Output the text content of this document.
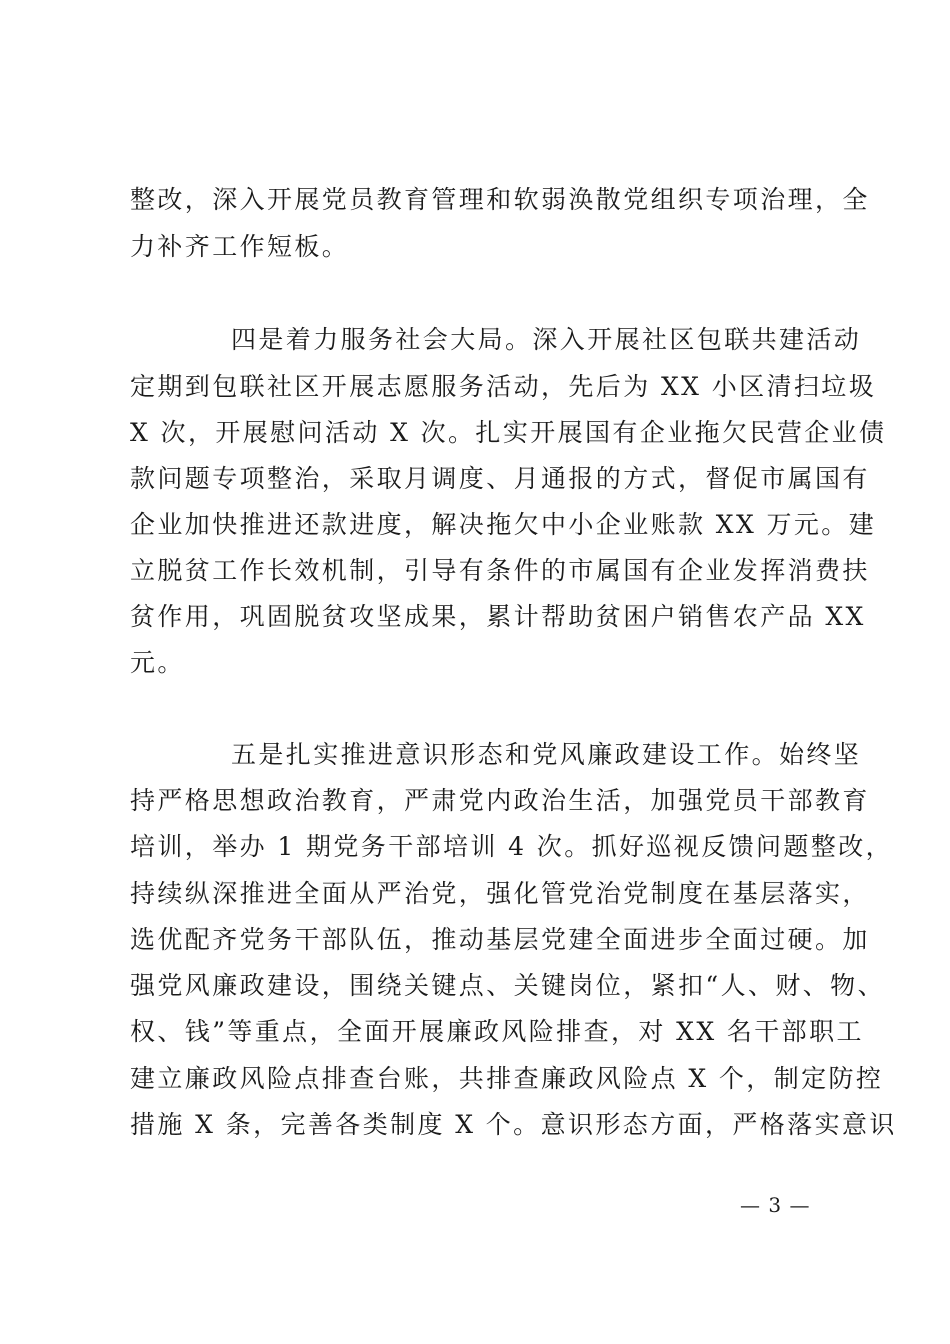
整改，深入开展党员教育管理和软弱涣散党组织专项治理，全
力补齐工作短板。
四是着力服务社会大局。深入开展社区包联共建活动
定期到包联社区开展志愿服务活动，先后为 XX 小区清扫垃圾
X 次，开展慰问活动 X 次。扎实开展国有企业拖欠民营企业债
款问题专项整治，采取月调度、月通报的方式，督促市属国有
企业加快推进还款进度，解决拖欠中小企业账款 XX 万元。建
立脱贫工作长效机制，引导有条件的市属国有企业发挥消费扶
贫作用，巩固脱贫攻坚成果，累计帮助贫困户销售农产品 XX
元。
五是扎实推进意识形态和党风廉政建设工作。始终坚
持严格思想政治教育，严肃党内政治生活，加强党员干部教育
培训，举办 1 期党务干部培训 4 次。抓好巡视反馈问题整改，
持续纵深推进全面从严治党，强化管党治党制度在基层落实，
选优配齐党务干部队伍，推动基层党建全面进步全面过硬。加
强党风廉政建设，围绕关键点、关键岗位，紧扣“人、财、物、
权、钱”等重点，全面开展廉政风险排查，对 XX 名干部职工
建立廉政风险点排查台账，共排查廉政风险点 X 个，制定防控
措施 X 条，完善各类制度 X 个。意识形态方面，严格落实意识
— 3 —
